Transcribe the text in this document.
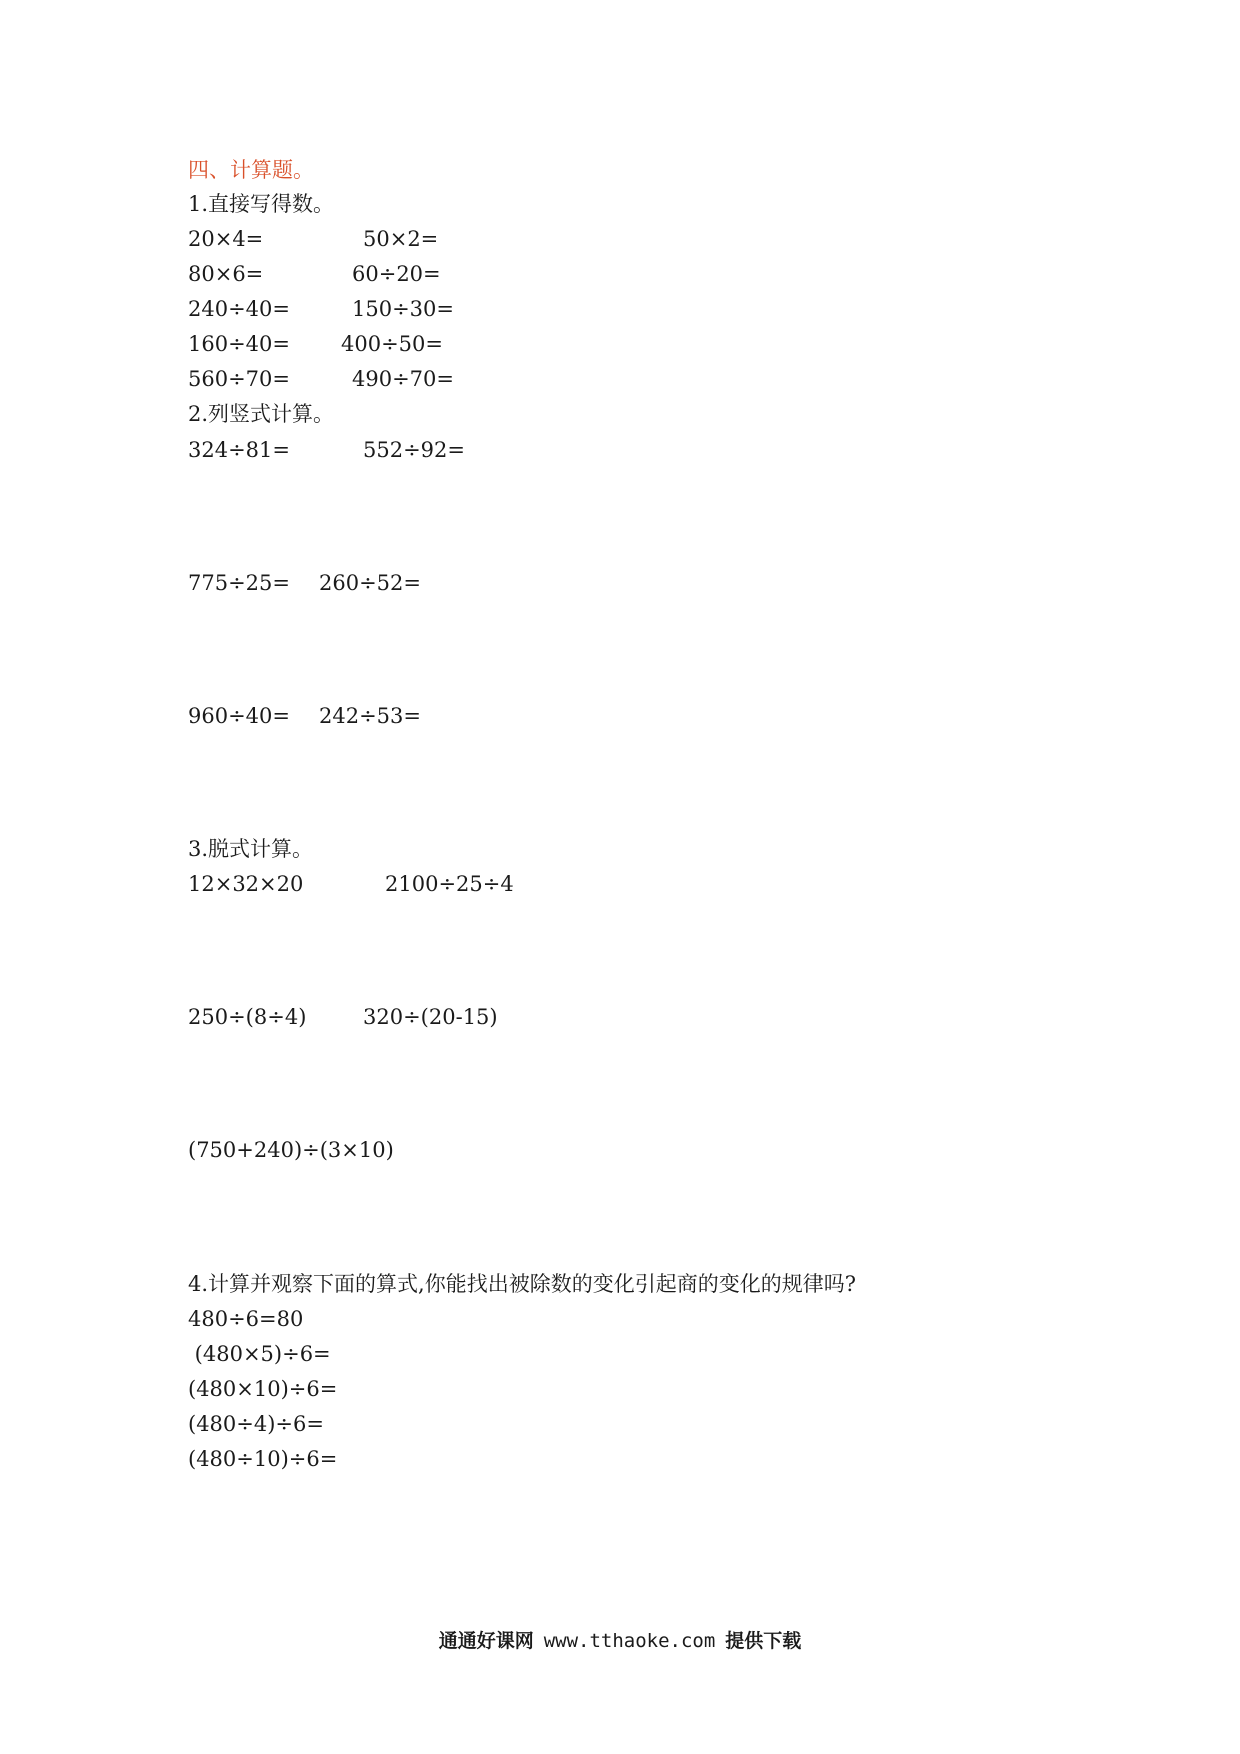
四、计算题。
1.直接写得数。
20×4=	50×2=
80×6=	60÷20=
240÷40=	150÷30=
160÷40= 400÷50=
560÷70=	490÷70=
2.列竖式计算。
324÷81=	552÷92=
775÷25= 260÷52=
960÷40= 242÷53=
3.脱式计算。
12×32×20	2100÷25÷4
250÷(8÷4)	320÷(20-15)
(750+240)÷(3×10)
4.计算并观察下面的算式,你能找出被除数的变化引起商的变化的规律吗?
480÷6=80
(480×5)÷6=
(480×10)÷6=
(480÷4)÷6=
(480÷10)÷6=
通通好课网 www.tthaoke.com 提供下载
